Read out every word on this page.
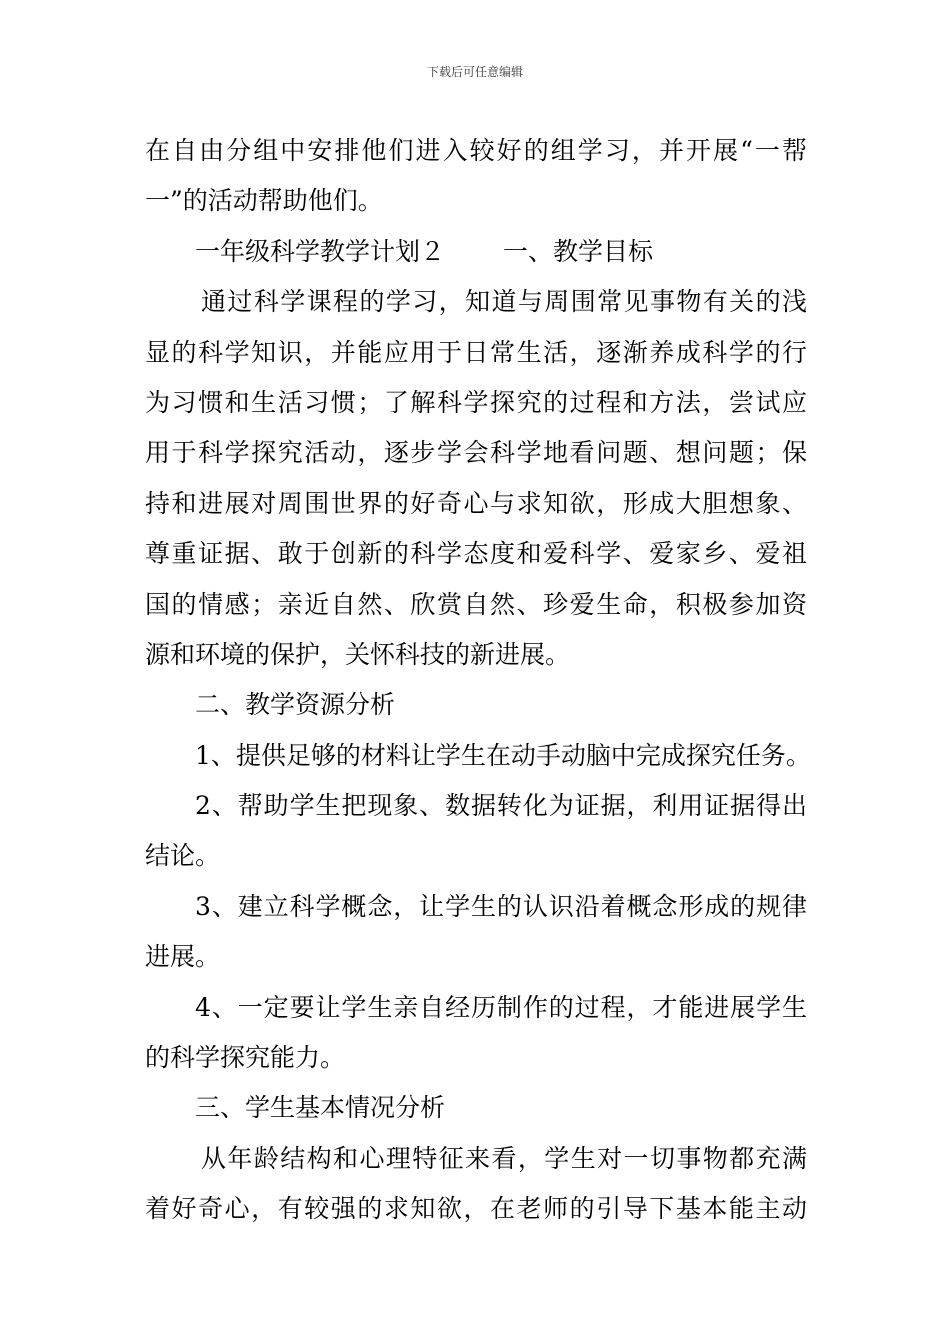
下载后可任意编辑
在自由分组中安排他们进入较好的组学习，并开展“一帮
一”的活动帮助他们。
一年级科学教学计划２ 一、教学目标
通过科学课程的学习，知道与周围常见事物有关的浅
显的科学知识，并能应用于日常生活，逐渐养成科学的行
为习惯和生活习惯；了解科学探究的过程和方法，尝试应
用于科学探究活动，逐步学会科学地看问题、想问题；保
持和进展对周围世界的好奇心与求知欲，形成大胆想象、
尊重证据、敢于创新的科学态度和爱科学、爱家乡、爱祖
国的情感；亲近自然、欣赏自然、珍爱生命，积极参加资
源和环境的保护，关怀科技的新进展。
二、教学资源分析
1、提供足够的材料让学生在动手动脑中完成探究任务。
2、帮助学生把现象、数据转化为证据，利用证据得出
结论。
3、建立科学概念，让学生的认识沿着概念形成的规律
进展。
4、一定要让学生亲自经历制作的过程，才能进展学生
的科学探究能力。
三、学生基本情况分析
从年龄结构和心理特征来看，学生对一切事物都充满
着好奇心，有较强的求知欲，在老师的引导下基本能主动
